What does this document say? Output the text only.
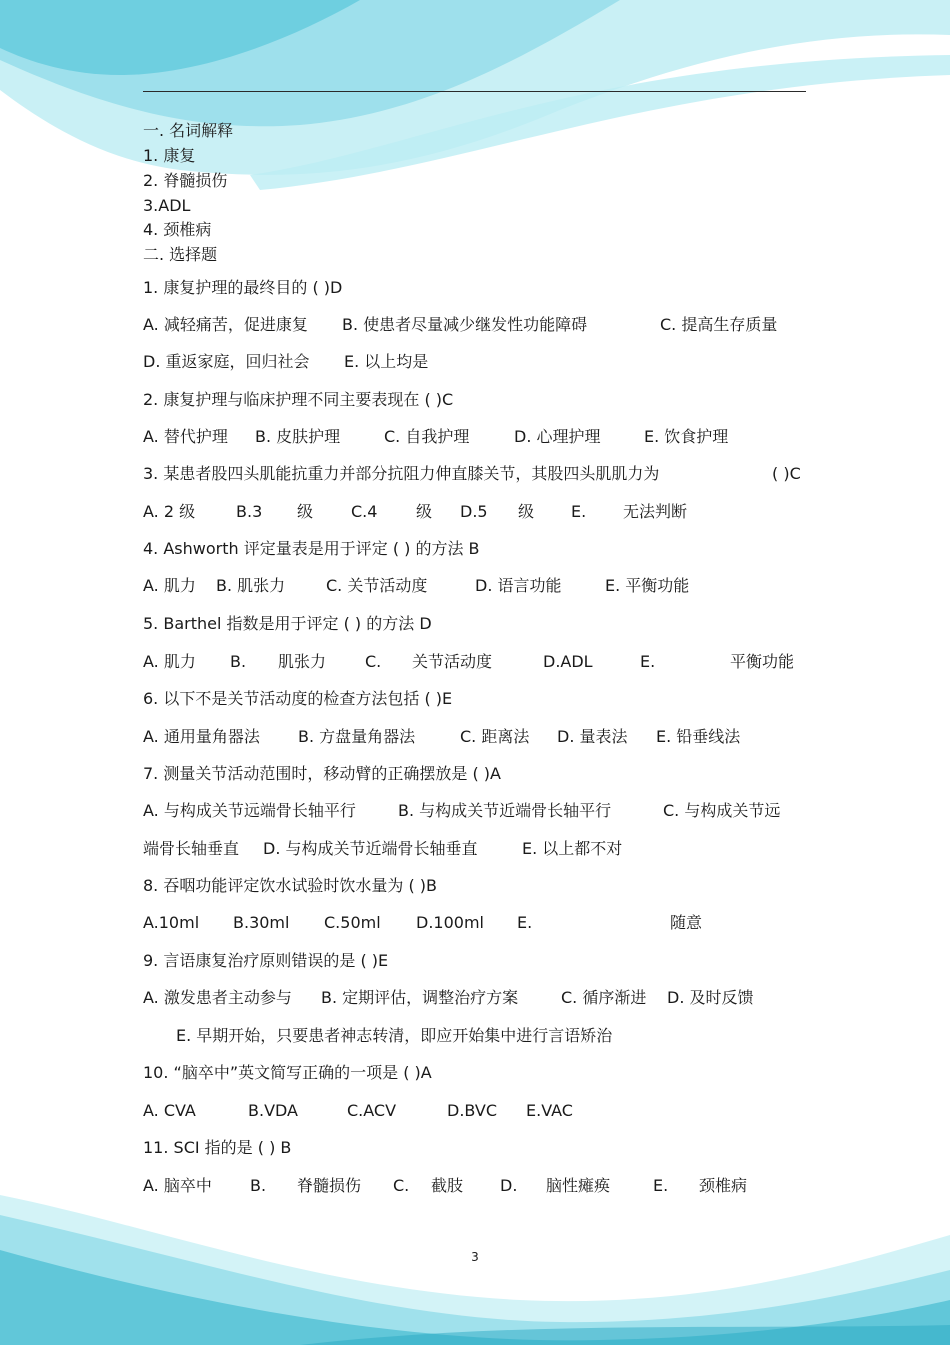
一. 名词解释
1. 康复
2. 脊髓损伤
3.ADL
4. 颈椎病
二. 选择题
1. 康复护理的最终目的 ( )D
A. 减轻痛苦，促进康复 B. 使患者尽量减少继发性功能障碍	C. 提高生存质量
D. 重返家庭，回归社会 E. 以上均是
2. 康复护理与临床护理不同主要表现在 ( )C
A. 替代护理 B. 皮肤护理	C. 自我护理	D. 心理护理	E. 饮食护理
3. 某患者股四头肌能抗重力并部分抗阻力伸直膝关节，其股四头肌肌力为	( )C
A. 2 级	B.3 级 C.4 级 D.5 级 E. 无法判断
4. Ashworth 评定量表是用于评定 ( ) 的方法 B
A. 肌力 B. 肌张力	C. 关节活动度	D. 语言功能	E. 平衡功能
5. Barthel 指数是用于评定 ( ) 的方法 D
A. 肌力 B. 肌张力 C. 关节活动度	D.ADL	E.	平衡功能
6. 以下不是关节活动度的检查方法包括 ( )E
A. 通用量角器法 B. 方盘量角器法	C. 距离法 D. 量表法 E. 铅垂线法
7. 测量关节活动范围时，移动臂的正确摆放是 ( )A
A. 与构成关节远端骨长轴平行	B. 与构成关节近端骨长轴平行	C. 与构成关节远
端骨长轴垂直 D. 与构成关节近端骨长轴垂直	E. 以上都不对
8. 吞咽功能评定饮水试验时饮水量为 ( )B
A.10ml B.30ml C.50ml D.100ml E.	随意
9. 言语康复治疗原则错误的是 ( )E
A. 激发患者主动参与 B. 定期评估，调整治疗方案	C. 循序渐进 D. 及时反馈
E. 早期开始，只要患者神志转清，即应开始集中进行言语矫治
10. “脑卒中”英文简写正确的一项是 ( )A
A. CVA	B.VDA	C.ACV	D.BVC E.VAC
11. SCI 指的是 ( ) B
A. 脑卒中 B. 脊髓损伤 C. 截肢 D. 脑性瘫痪	E. 颈椎病
3
